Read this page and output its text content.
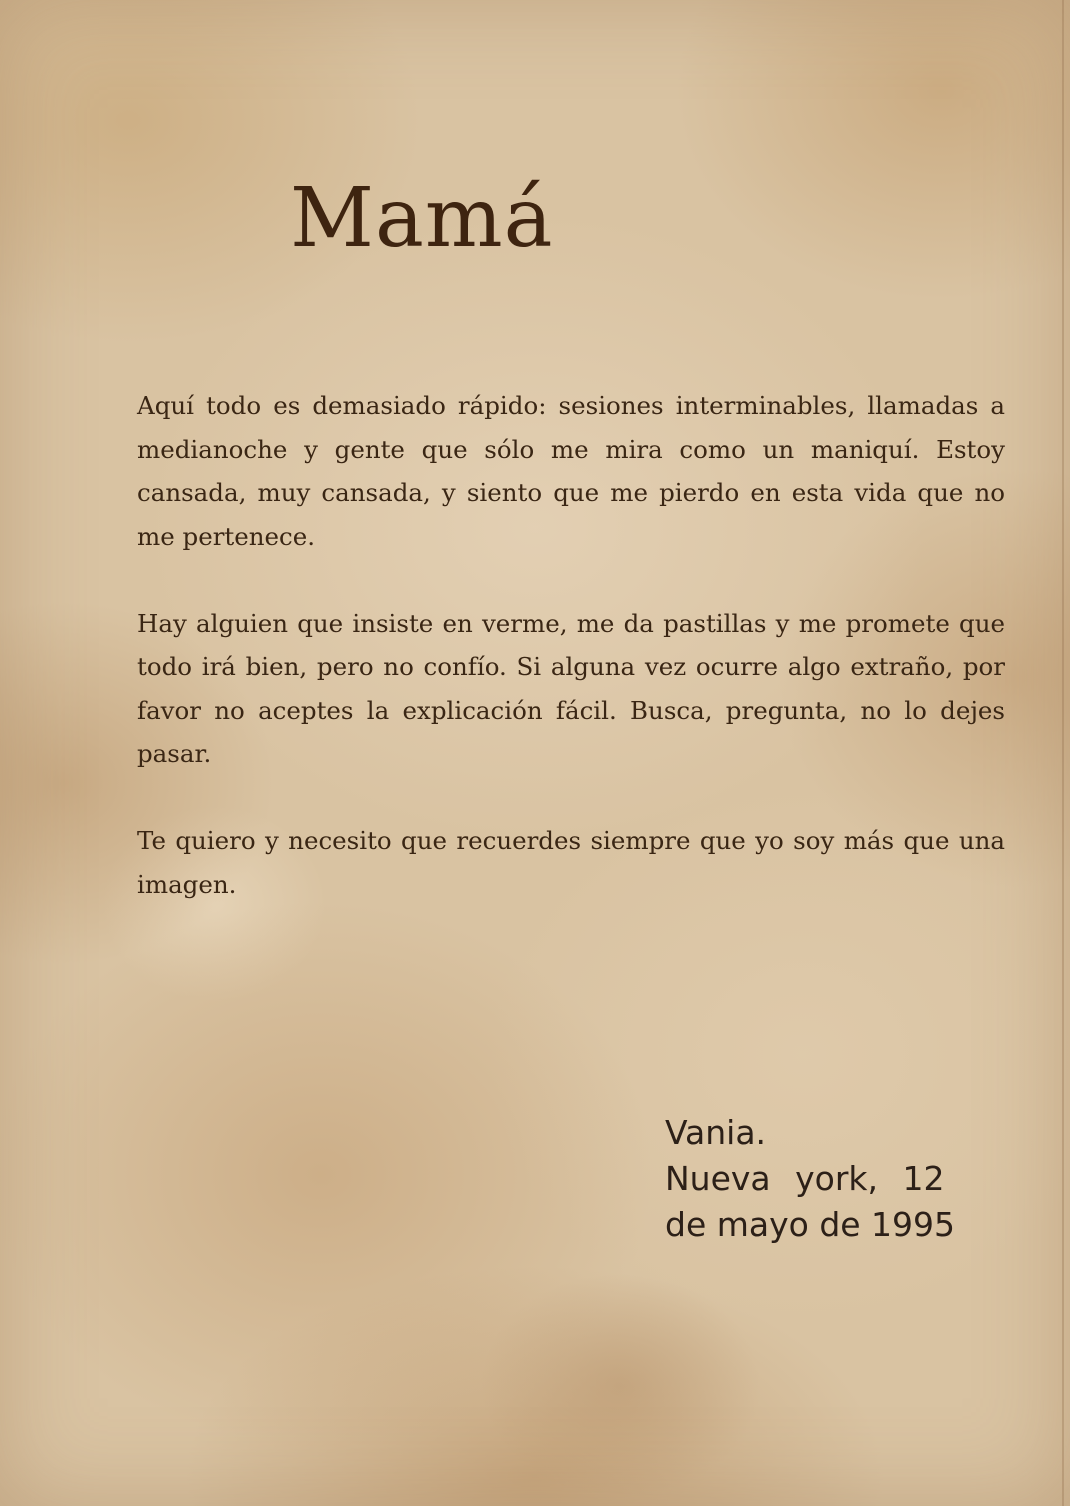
Mamá

Aquí todo es demasiado rápido: sesiones interminables, llamadas a medianoche y gente que sólo me mira como un maniquí. Estoy cansada, muy cansada, y siento que me pierdo en esta vida que no me pertenece.

Hay alguien que insiste en verme, me da pastillas y me promete que todo irá bien, pero no confío. Si alguna vez ocurre algo extraño, por favor no aceptes la explicación fácil. Busca, pregunta, no lo dejes pasar.

Te quiero y necesito que recuerdes siempre que yo soy más que una imagen.

Vania.
Nueva york, 12
de mayo de 1995
